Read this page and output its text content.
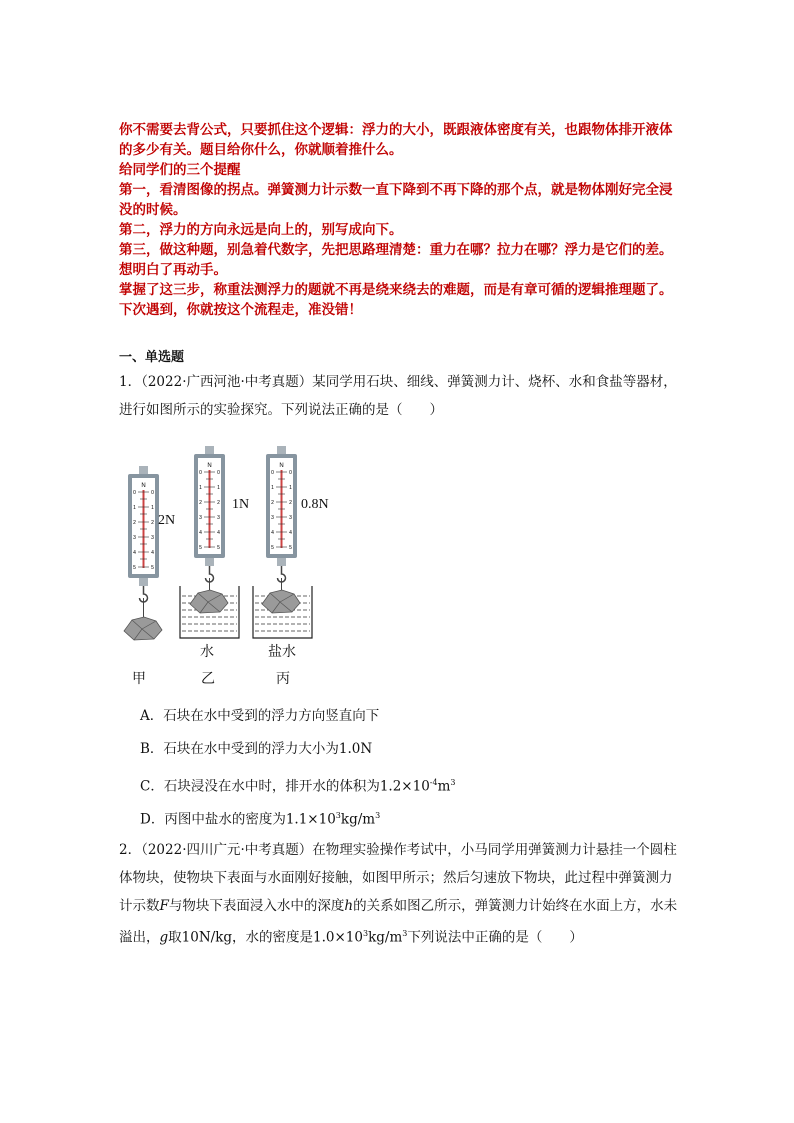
你不需要去背公式，只要抓住这个逻辑：浮力的大小，既跟液体密度有关，也跟物体排开液体的多少有关。题目给你什么，你就顺着推什么。

给同学们的三个提醒

第一，看清图像的拐点。弹簧测力计示数一直下降到不再下降的那个点，就是物体刚好完全浸没的时候。

第二，浮力的方向永远是向上的，别写成向下。

第三，做这种题，别急着代数字，先把思路理清楚：重力在哪？拉力在哪？浮力是它们的差。想明白了再动手。

掌握了这三步，称重法测浮力的题就不再是绕来绕去的难题，而是有章可循的逻辑推理题了。下次遇到，你就按这个流程走，准没错！

一、单选题

1．（2022·广西河池·中考真题）某同学用石块、细线、弹簧测力计、烧杯、水和食盐等器材，进行如图所示的实验探究。下列说法正确的是（　　）

N
0	0
1	1
2	2
3	3
4	4
5	5
N
0	0
1	1
2	2
3	3
4	4
5	5
N
0	0
1	1
2	2
3	3
4	4
5	5
2N
1N	0.8N
水	盐水
甲	乙	丙
A．石块在水中受到的浮力方向竖直向下
B．石块在水中受到的浮力大小为1.0N
C．石块浸没在水中时，排开水的体积为$1.2\times 10^{-4}m^3$
D．丙图中盐水的密度为$1.1\times 10^3kg/m^3$

2．（2022·四川广元·中考真题）在物理实验操作考试中，小马同学用弹簧测力计悬挂一个圆柱体物块，使物块下表面与水面刚好接触，如图甲所示；然后匀速放下物块，此过程中弹簧测力计示数F与物块下表面浸入水中的深度h的关系如图乙所示，弹簧测力计始终在水面上方，水未溢出，g取10N/kg，水的密度是$1.0\times 10^3kg/m^3$下列说法中正确的是（　　）
